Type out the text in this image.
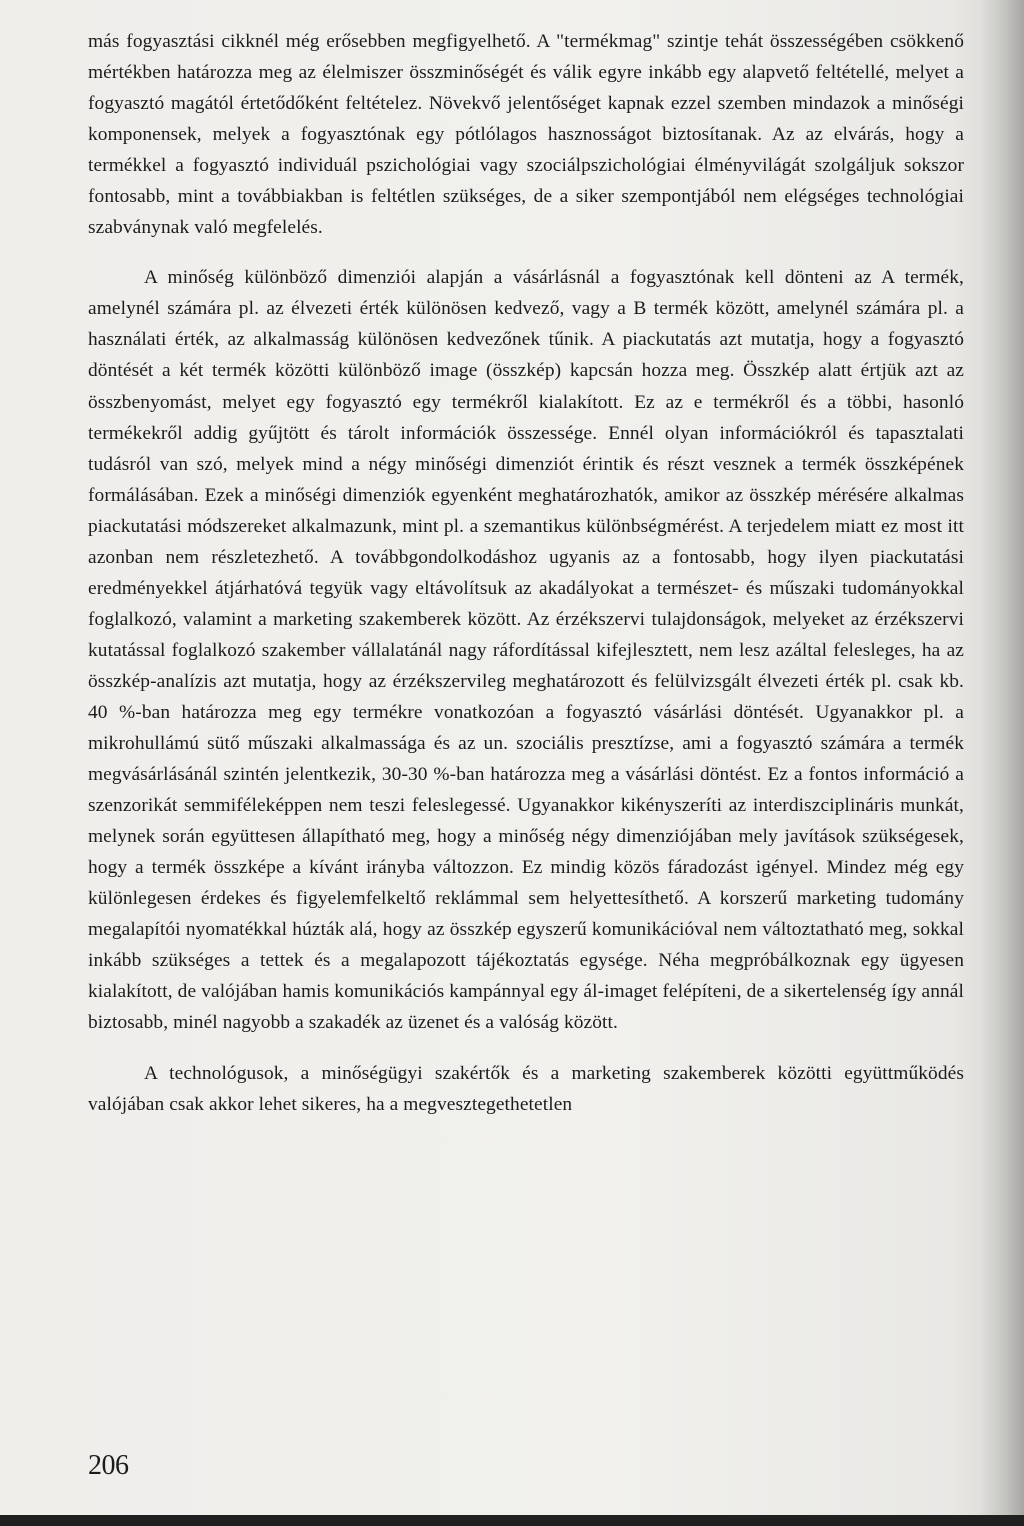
más fogyasztási cikknél még erősebben megfigyelhető. A "termékmag" szintje tehát összességében csökkenő mértékben határozza meg az élelmiszer összminőségét és válik egyre inkább egy alapvető feltétellé, melyet a fogyasztó magától értetődőként feltételez. Növekvő jelentőséget kapnak ezzel szemben mindazok a minőségi komponensek, melyek a fogyasztónak egy pótlólagos hasznosságot biztosítanak. Az az elvárás, hogy a termékkel a fogyasztó individuál pszichológiai vagy szociálpszichológiai élményvilágát szolgáljuk sokszor fontosabb, mint a továbbiakban is feltétlen szükséges, de a siker szempontjából nem elégséges technológiai szabványnak való megfelelés.

A minőség különböző dimenziói alapján a vásárlásnál a fogyasztónak kell dönteni az A termék, amelynél számára pl. az élvezeti érték különösen kedvező, vagy a B termék között, amelynél számára pl. a használati érték, az alkalmasság különösen kedvezőnek tűnik. A piackutatás azt mutatja, hogy a fogyasztó döntését a két termék közötti különböző image (összkép) kapcsán hozza meg. Összkép alatt értjük azt az összbenyomást, melyet egy fogyasztó egy termékről kialakított. Ez az e termékről és a többi, hasonló termékekről addig gyűjtött és tárolt információk összessége. Ennél olyan információkról és tapasztalati tudásról van szó, melyek mind a négy minőségi dimenziót érintik és részt vesznek a termék összképének formálásában. Ezek a minőségi dimenziók egyenként meghatározhatók, amikor az összkép mérésére alkalmas piackutatási módszereket alkalmazunk, mint pl. a szemantikus különbségmérést. A terjedelem miatt ez most itt azonban nem részletezhető. A továbbgondolkodáshoz ugyanis az a fontosabb, hogy ilyen piackutatási eredményekkel átjárhatóvá tegyük vagy eltávolítsuk az akadályokat a természet- és műszaki tudományokkal foglalkozó, valamint a marketing szakemberek között. Az érzékszervi tulajdonságok, melyeket az érzékszervi kutatással foglalkozó szakember vállalatánál nagy ráfordítással kifejlesztett, nem lesz azáltal felesleges, ha az összkép-analízis azt mutatja, hogy az érzékszervileg meghatározott és felülvizsgált élvezeti érték pl. csak kb. 40 %-ban határozza meg egy termékre vonatkozóan a fogyasztó vásárlási döntését. Ugyanakkor pl. a mikrohullámú sütő műszaki alkalmassága és az un. szociális presztízse, ami a fogyasztó számára a termék megvásárlásánál szintén jelentkezik, 30-30 %-ban határozza meg a vásárlási döntést. Ez a fontos információ a szenzorikát semmiféleképpen nem teszi feleslegessé. Ugyanakkor kikényszeríti az interdiszciplináris munkát, melynek során együttesen állapítható meg, hogy a minőség négy dimenziójában mely javítások szükségesek, hogy a termék összképe a kívánt irányba változzon. Ez mindig közös fáradozást igényel. Mindez még egy különlegesen érdekes és figyelemfelkeltő reklámmal sem helyettesíthető. A korszerű marketing tudomány megalapítói nyomatékkal húzták alá, hogy az összkép egyszerű komunikációval nem változtatható meg, sokkal inkább szükséges a tettek és a megalapozott tájékoztatás egysége. Néha megpróbálkoznak egy ügyesen kialakított, de valójában hamis komunikációs kampánnyal egy ál-imaget felépíteni, de a sikertelenség így annál biztosabb, minél nagyobb a szakadék az üzenet és a valóság között.

A technológusok, a minőségügyi szakértők és a marketing szakemberek közötti együttműködés valójában csak akkor lehet sikeres, ha a megvesztegethetetlen

206
